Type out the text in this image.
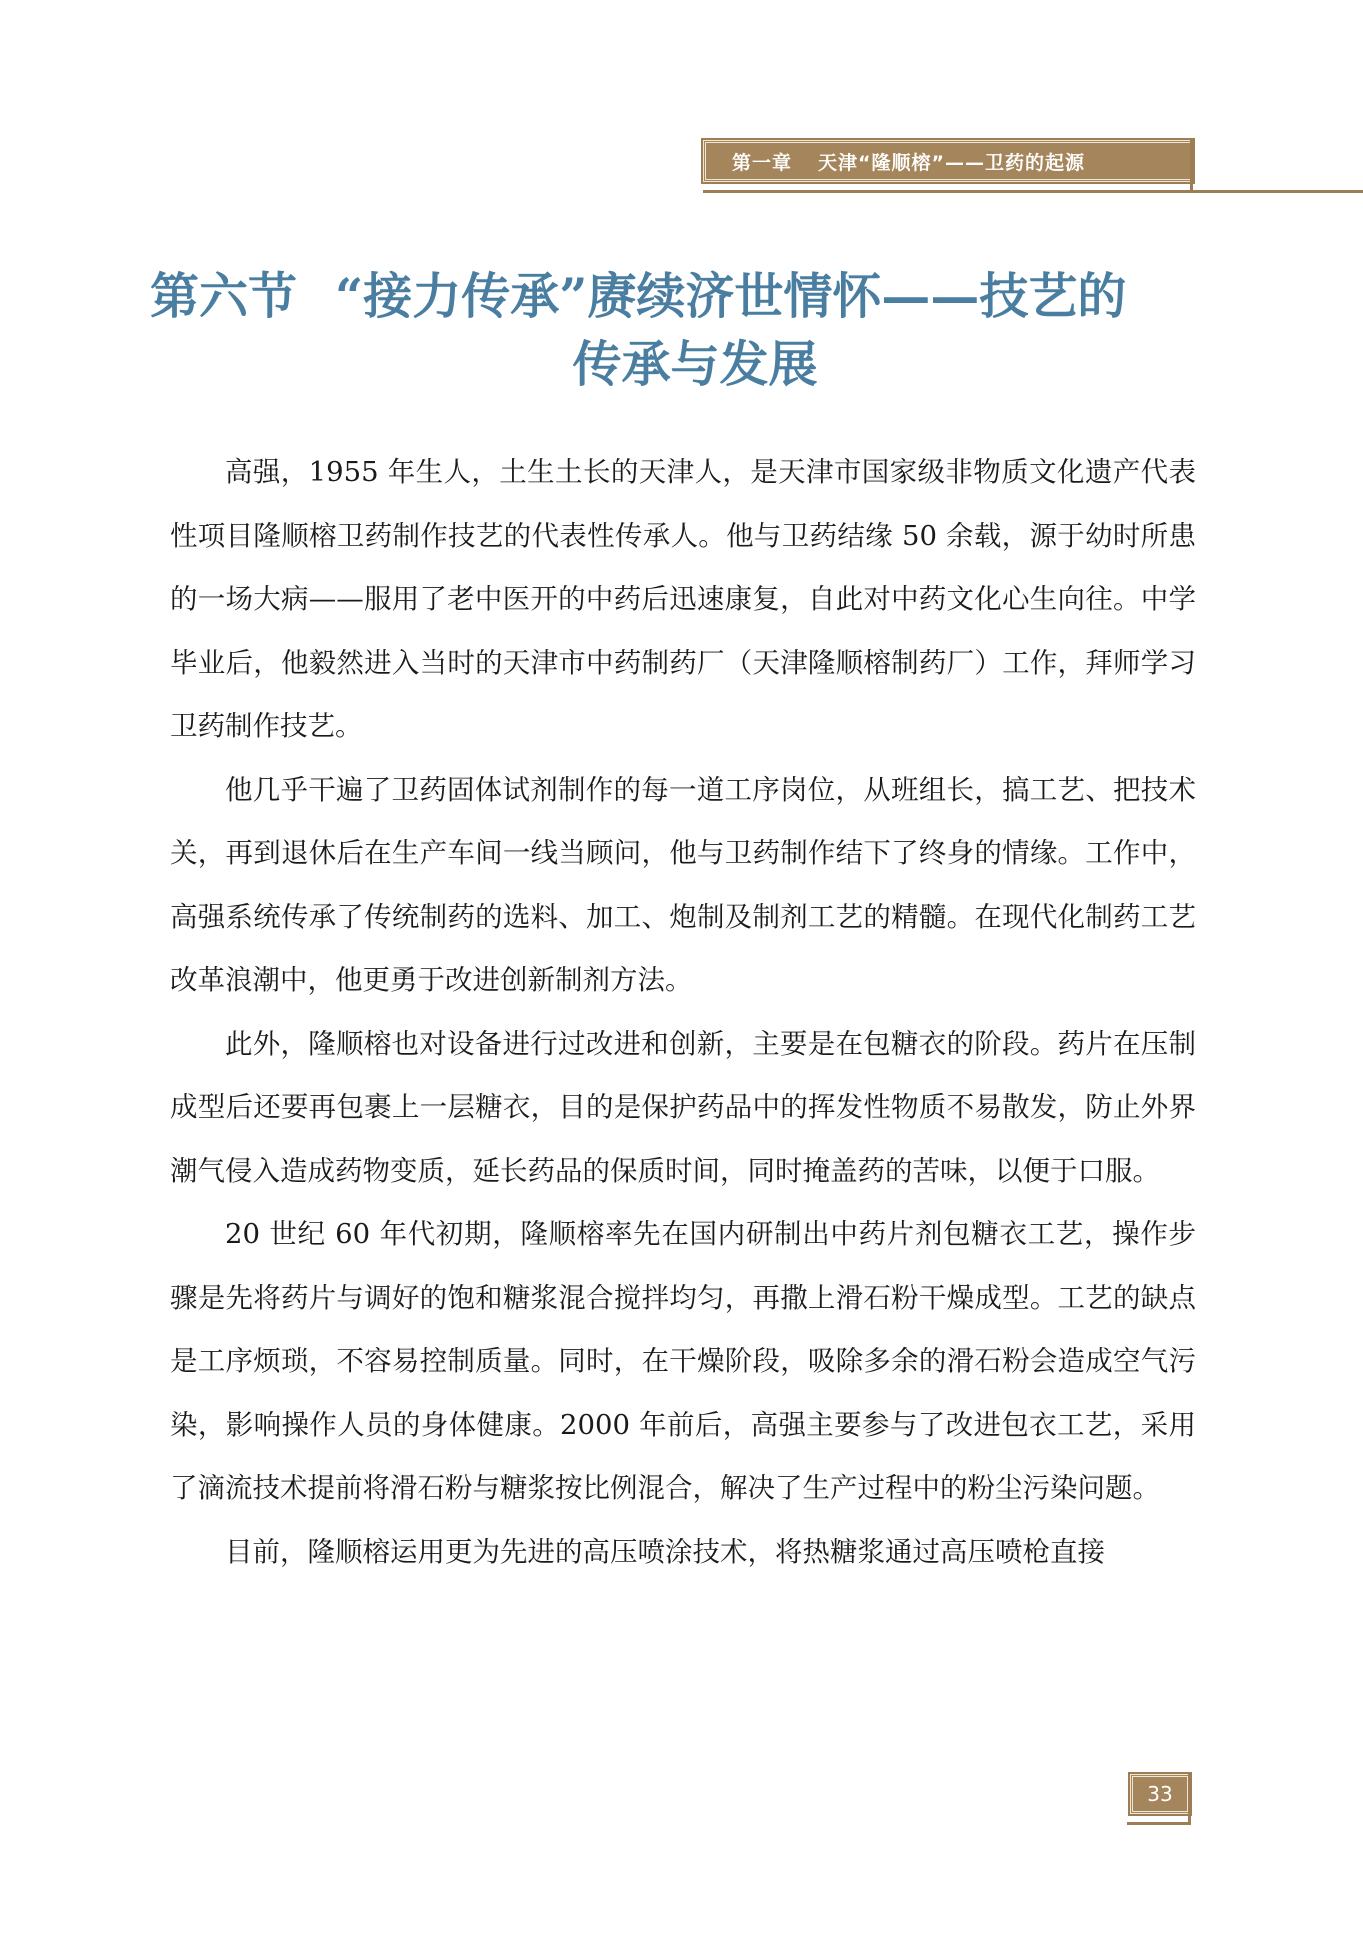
第一章 天津“隆顺榕”——卫药的起源
第六节 “接力传承”赓续济世情怀——技艺的
传承与发展

高强，1955 年生人，土生土长的天津人，是天津市国家级非物质文化遗产代表性项目隆顺榕卫药制作技艺的代表性传承人。他与卫药结缘 50 余载，源于幼时所患的一场大病——服用了老中医开的中药后迅速康复，自此对中药文化心生向往。中学毕业后，他毅然进入当时的天津市中药制药厂（天津隆顺榕制药厂）工作，拜师学习卫药制作技艺。

他几乎干遍了卫药固体试剂制作的每一道工序岗位，从班组长，搞工艺、把技术关，再到退休后在生产车间一线当顾问，他与卫药制作结下了终身的情缘。工作中，高强系统传承了传统制药的选料、加工、炮制及制剂工艺的精髓。在现代化制药工艺改革浪潮中，他更勇于改进创新制剂方法。

此外，隆顺榕也对设备进行过改进和创新，主要是在包糖衣的阶段。药片在压制成型后还要再包裹上一层糖衣，目的是保护药品中的挥发性物质不易散发，防止外界潮气侵入造成药物变质，延长药品的保质时间，同时掩盖药的苦味，以便于口服。

20 世纪 60 年代初期，隆顺榕率先在国内研制出中药片剂包糖衣工艺，操作步骤是先将药片与调好的饱和糖浆混合搅拌均匀，再撒上滑石粉干燥成型。工艺的缺点是工序烦琐，不容易控制质量。同时，在干燥阶段，吸除多余的滑石粉会造成空气污染，影响操作人员的身体健康。2000 年前后，高强主要参与了改进包衣工艺，采用了滴流技术提前将滑石粉与糖浆按比例混合，解决了生产过程中的粉尘污染问题。

目前，隆顺榕运用更为先进的高压喷涂技术，将热糖浆通过高压喷枪直接

33
